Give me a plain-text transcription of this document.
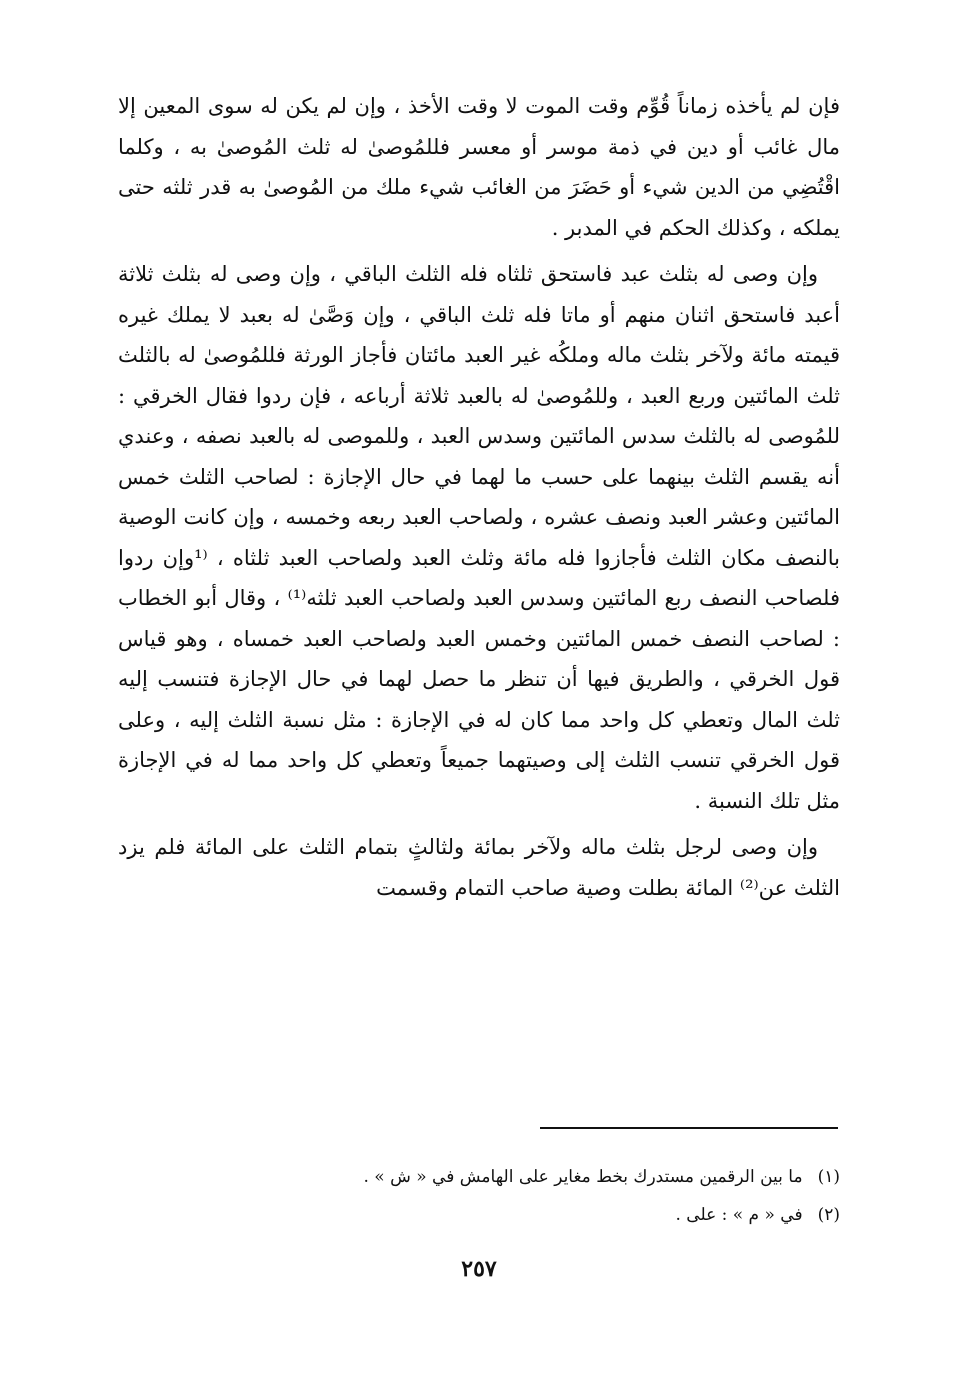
فإن لم يأخذه زماناً قُوِّم وقت الموت لا وقت الأخذ ، وإن لم يكن له سوى المعين إلا مال غائب أو دين في ذمة موسر أو معسر فللمُوصىٰ له ثلث المُوصىٰ به ، وكلما اقْتُضِي من الدين شيء أو حَضَرَ من الغائب شيء ملك من المُوصىٰ به قدر ثلثه حتى يملكه ، وكذلك الحكم في المدبر .

وإن وصى له بثلث عبد فاستحق ثلثاه فله الثلث الباقي ، وإن وصى له بثلث ثلاثة أعبد فاستحق اثنان منهم أو ماتا فله ثلث الباقي ، وإن وَصَّىٰ له بعبد لا يملك غيره قيمته مائة ولآخر بثلث ماله وملكُه غير العبد مائتان فأجاز الورثة فللمُوصىٰ له بالثلث ثلث المائتين وربع العبد ، وللمُوصىٰ له بالعبد ثلاثة أرباعه ، فإن ردوا فقال الخرقي : للمُوصى له بالثلث سدس المائتين وسدس العبد ، وللموصى له بالعبد نصفه ، وعندي أنه يقسم الثلث بينهما على حسب ما لهما في حال الإجازة : لصاحب الثلث خمس المائتين وعشر العبد ونصف عشره ، ولصاحب العبد ربعه وخمسه ، وإن كانت الوصية بالنصف مكان الثلث فأجازوا فله مائة وثلث العبد ولصاحب العبد ثلثاه ، ⁽¹وإن ردوا فلصاحب النصف ربع المائتين وسدس العبد ولصاحب العبد ثلثه⁽¹⁾ ، وقال أبو الخطاب : لصاحب النصف خمس المائتين وخمس العبد ولصاحب العبد خمساه ، وهو قياس قول الخرقي ، والطريق فيها أن تنظر ما حصل لهما في حال الإجازة فتنسب إليه ثلث المال وتعطي كل واحد مما كان له في الإجازة : مثل نسبة الثلث إليه ، وعلى قول الخرقي تنسب الثلث إلى وصيتهما جميعاً وتعطي كل واحد مما له في الإجازة مثل تلك النسبة .

وإن وصى لرجل بثلث ماله ولآخر بمائة ولثالثٍ بتمام الثلث على المائة فلم يزد الثلث عن⁽²⁾ المائة بطلت وصية صاحب التمام وقسمت

(١) ما بين الرقمين مستدرك بخط مغاير على الهامش في « ش » .

(٢) في « م » : على .

٢٥٧
